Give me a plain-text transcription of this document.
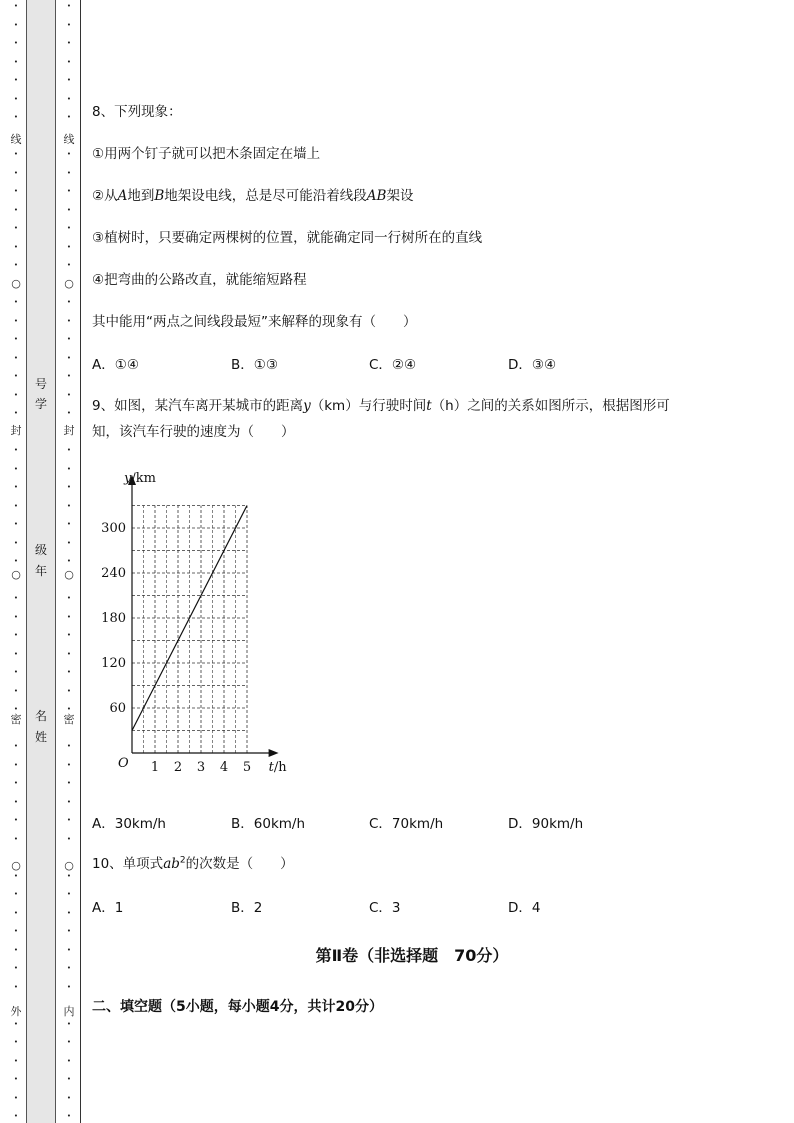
•
•
•
•
•
•
•
线
•
•
•
•
•
•
•
○
•
•
•
•
•
•
•
封
•
•
•
•
•
•
•
○
•
•
•
•
•
•
•
密
•
•
•
•
•
•
○
•
•
•
•
•
•
•
外
•
•
•
•
•
•
号
学
级
年
名
姓
•
•
•
•
•
•
•
线
•
•
•
•
•
•
•
○
•
•
•
•
•
•
•
封
•
•
•
•
•
•
•
○
•
•
•
•
•
•
•
密
•
•
•
•
•
•
○
•
•
•
•
•
•
•
内
•
•
•
•
•
•
8、下列现象：
①用两个钉子就可以把木条固定在墙上
②从A地到B地架设电线，总是尽可能沿着线段AB架设
③植树时，只要确定两棵树的位置，就能确定同一行树所在的直线
④把弯曲的公路改直，就能缩短路程
其中能用“两点之间线段最短”来解释的现象有（　　）
A．①④	B．①③	C．②④	D．③④
9、如图，某汽车离开某城市的距离y（km）与行驶时间t（h）之间的关系如图所示，根据图形可
知，该汽车行驶的速度为（　　）
A．30km/h	B．60km/h	C．70km/h	D．90km/h
10、单项式$ab^2$的次数是（　　）
A．1	B．2	C．3	D．4
第Ⅱ卷（非选择题　70分）
二、填空题（5小题，每小题4分，共计20分）
60
120
180
240
300
1 2 3 4 5
O
y/km
t/h
